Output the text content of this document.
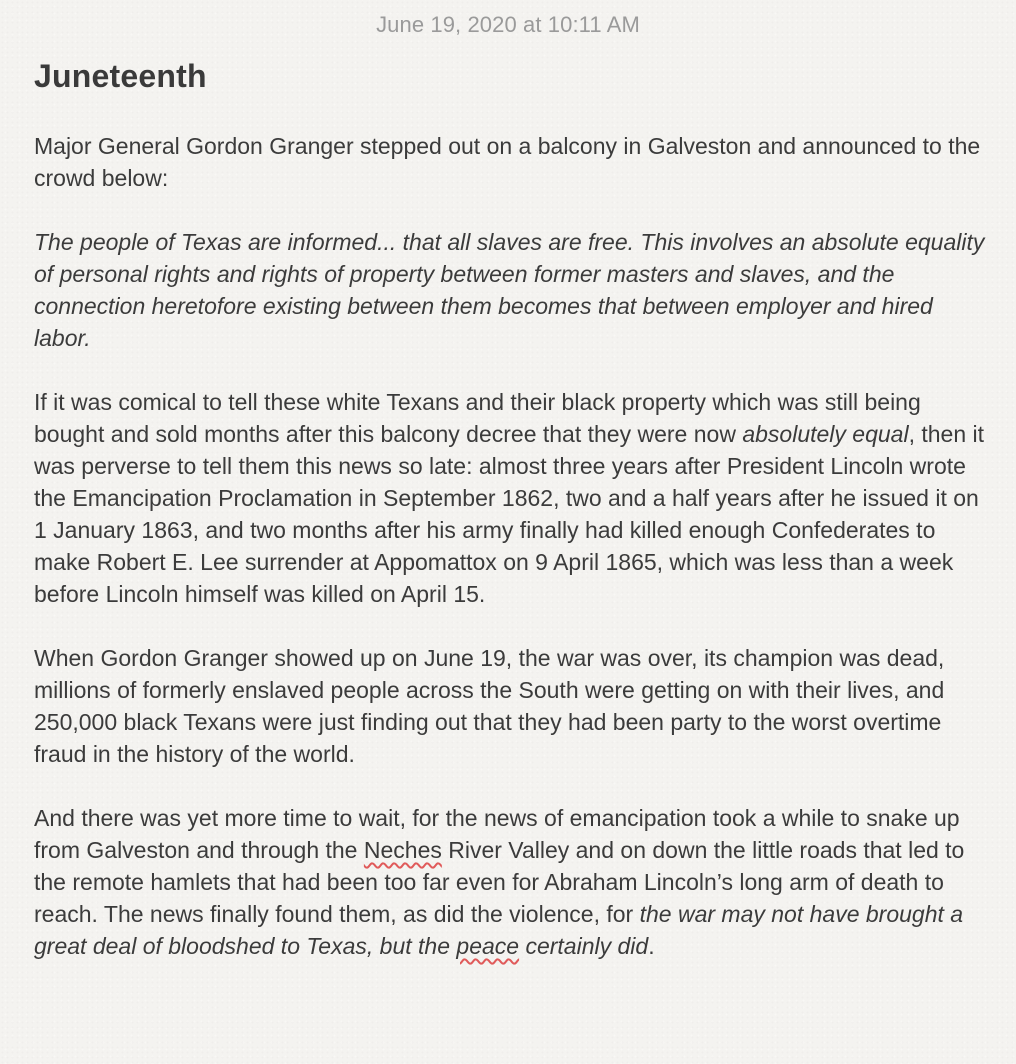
June 19, 2020 at 10:11 AM
Juneteenth

Major General Gordon Granger stepped out on a balcony in Galveston and announced to the crowd below:

The people of Texas are informed... that all slaves are free. This involves an absolute equality of personal rights and rights of property between former masters and slaves, and the connection heretofore existing between them becomes that between employer and hired labor.

If it was comical to tell these white Texans and their black property which was still being bought and sold months after this balcony decree that they were now absolutely equal, then it was perverse to tell them this news so late: almost three years after President Lincoln wrote the Emancipation Proclamation in September 1862, two and a half years after he issued it on 1 January 1863, and two months after his army finally had killed enough Confederates to make Robert E. Lee surrender at Appomattox on 9 April 1865, which was less than a week before Lincoln himself was killed on April 15.

When Gordon Granger showed up on June 19, the war was over, its champion was dead, millions of formerly enslaved people across the South were getting on with their lives, and 250,000 black Texans were just finding out that they had been party to the worst overtime fraud in the history of the world.

And there was yet more time to wait, for the news of emancipation took a while to snake up from Galveston and through the Neches River Valley and on down the little roads that led to the remote hamlets that had been too far even for Abraham Lincoln’s long arm of death to reach. The news finally found them, as did the violence, for the war may not have brought a great deal of bloodshed to Texas, but the peace certainly did.
